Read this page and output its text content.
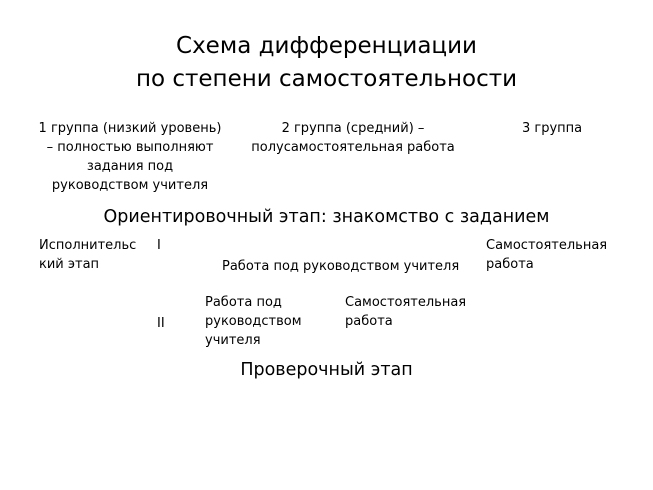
Схема дифференциации
по степени самостоятельности
1 группа (низкий уровень)
– полностью выполняют
задания под
руководством учителя
2 группа (средний) –
полусамостоятельная работа
3 группа
Ориентировочный этап: знакомство с заданием
Исполнительс
кий этап
I
Работа под руководством учителя
Самостоятельная
работа
II
Работа под
руководством
учителя
Самостоятельная
работа
Проверочный этап
